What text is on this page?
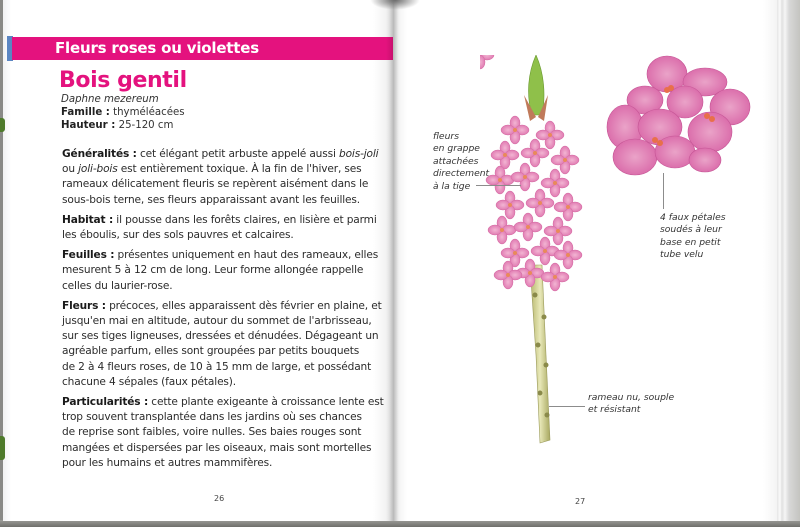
Fleurs roses ou violettes
Bois gentil
Daphne mezereum
Famille : thyméléacées
Hauteur : 25-120 cm

Généralités : cet élégant petit arbuste appelé aussi bois-joli
ou joli-bois est entièrement toxique. À la fin de l'hiver, ses
rameaux délicatement fleuris se repèrent aisément dans le
sous-bois terne, ses fleurs apparaissant avant les feuilles.

Habitat : il pousse dans les forêts claires, en lisière et parmi
les éboulis, sur des sols pauvres et calcaires.

Feuilles : présentes uniquement en haut des rameaux, elles
mesurent 5 à 12 cm de long. Leur forme allongée rappelle
celles du laurier-rose.

Fleurs : précoces, elles apparaissent dès février en plaine, et
jusqu'en mai en altitude, autour du sommet de l'arbrisseau,
sur ses tiges ligneuses, dressées et dénudées. Dégageant un
agréable parfum, elles sont groupées par petits bouquets
de 2 à 4 fleurs roses, de 10 à 15 mm de large, et possédant
chacune 4 sépales (faux pétales).

Particularités : cette plante exigeante à croissance lente est
trop souvent transplantée dans les jardins où ses chances
de reprise sont faibles, voire nulles. Ses baies rouges sont
mangées et dispersées par les oiseaux, mais sont mortelles
pour les humains et autres mammifères.

26
fleurs
en grappe
attachées
directement
à la tige
4 faux pétales
soudés à leur
base en petit
tube velu
rameau nu, souple
et résistant
27
